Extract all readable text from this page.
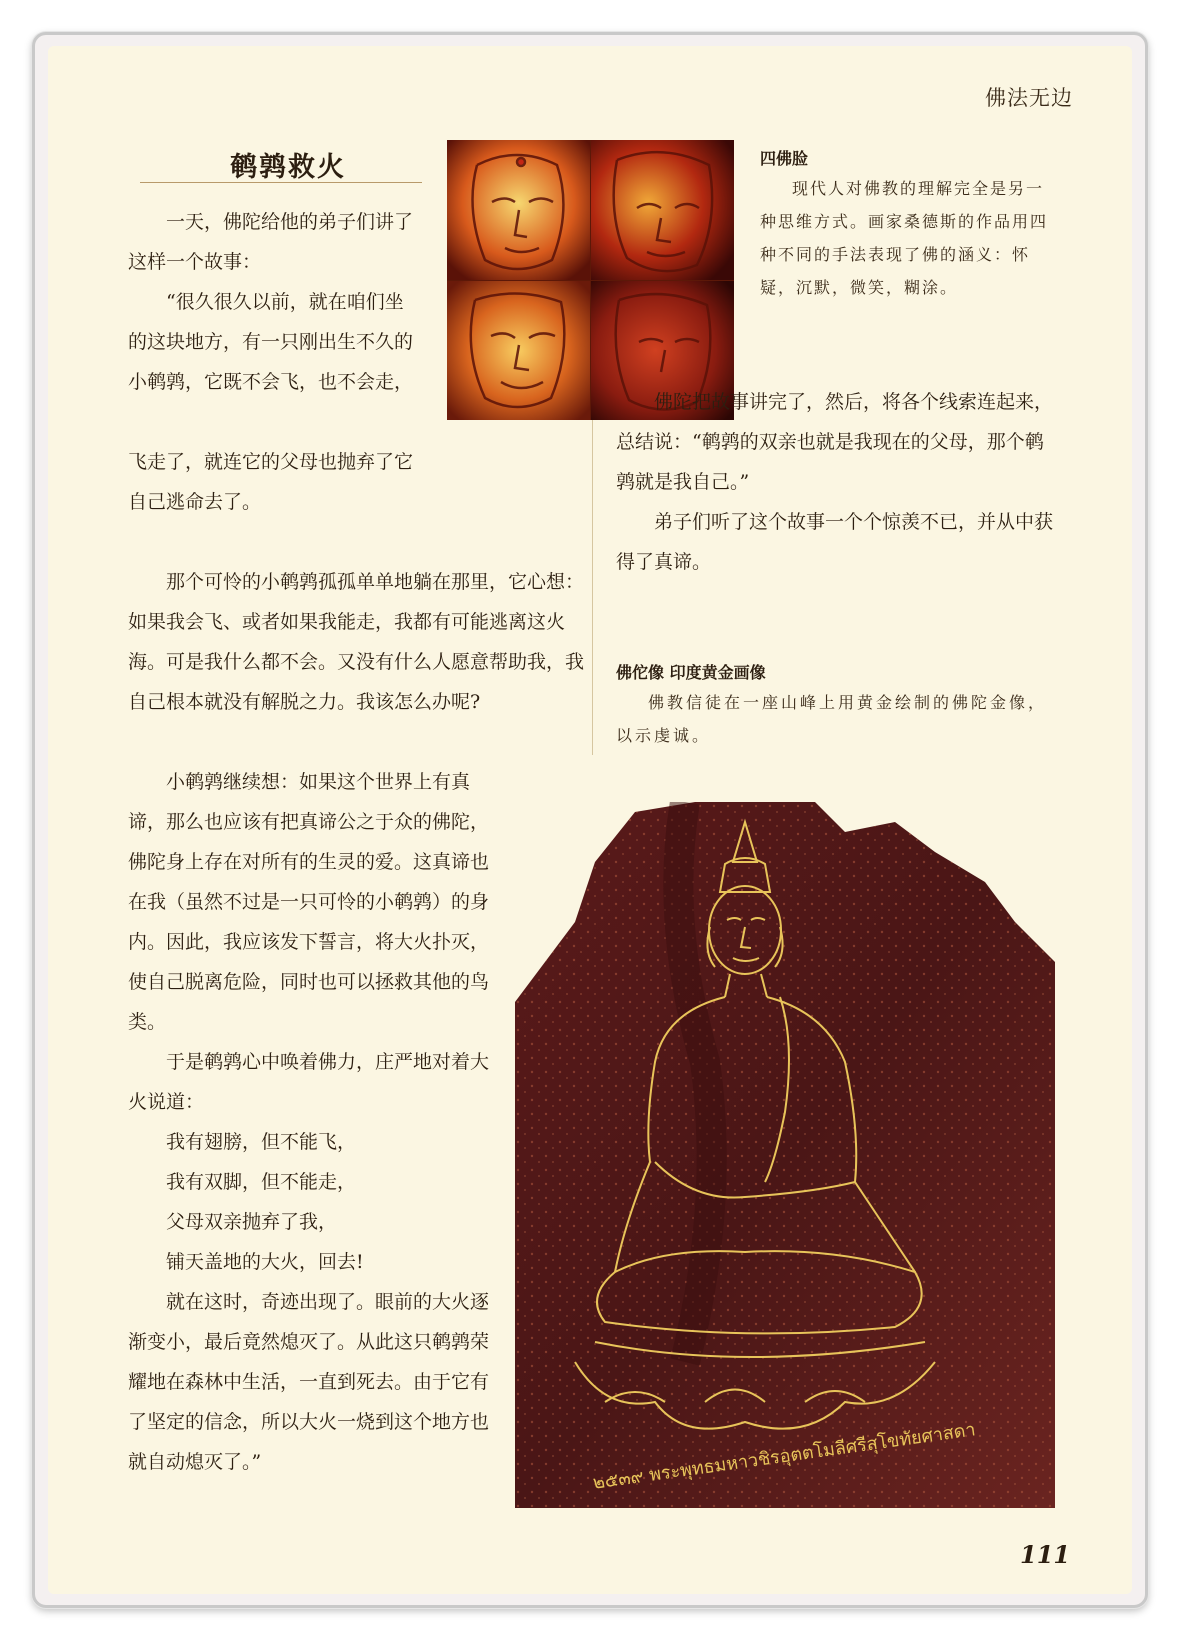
佛法无边
鹌鹑救火

一天，佛陀给他的弟子们讲了这样一个故事：

“很久很久以前，就在咱们坐的这块地方，有一只刚出生不久的小鹌鹑，它既不会飞，也不会走，

飞走了，就连它的父母也抛弃了它自己逃命去了。

那个可怜的小鹌鹑孤孤单单地躺在那里，它心想：如果我会飞、或者如果我能走，我都有可能逃离这火海。可是我什么都不会。又没有什么人愿意帮助我，我自己根本就没有解脱之力。我该怎么办呢?

四佛脸

现代人对佛教的理解完全是另一种思维方式。画家桑德斯的作品用四种不同的手法表现了佛的涵义：怀疑，沉默，微笑，糊涂。

佛陀把故事讲完了，然后，将各个线索连起来，总结说：“鹌鹑的双亲也就是我现在的父母，那个鹌鹑就是我自己。”

弟子们听了这个故事一个个惊羡不已，并从中获得了真谛。

佛佗像 印度黄金画像

佛教信徒在一座山峰上用黄金绘制的佛陀金像，以示虔诚。

小鹌鹑继续想：如果这个世界上有真谛，那么也应该有把真谛公之于众的佛陀，佛陀身上存在对所有的生灵的爱。这真谛也在我（虽然不过是一只可怜的小鹌鹑）的身内。因此，我应该发下誓言，将大火扑灭，使自己脱离危险，同时也可以拯救其他的鸟类。

于是鹌鹑心中唤着佛力，庄严地对着大火说道：

我有翅膀，但不能飞，

我有双脚，但不能走，

父母双亲抛弃了我，

铺天盖地的大火，回去!

就在这时，奇迹出现了。眼前的大火逐渐变小，最后竟然熄灭了。从此这只鹌鹑荣耀地在森林中生活，一直到死去。由于它有了坚定的信念，所以大火一烧到这个地方也就自动熄灭了。”	๒๕๓๙ พระพุทธมหาวชิรอุตตโมลีศรีสุโขทัยศาสดา
111
